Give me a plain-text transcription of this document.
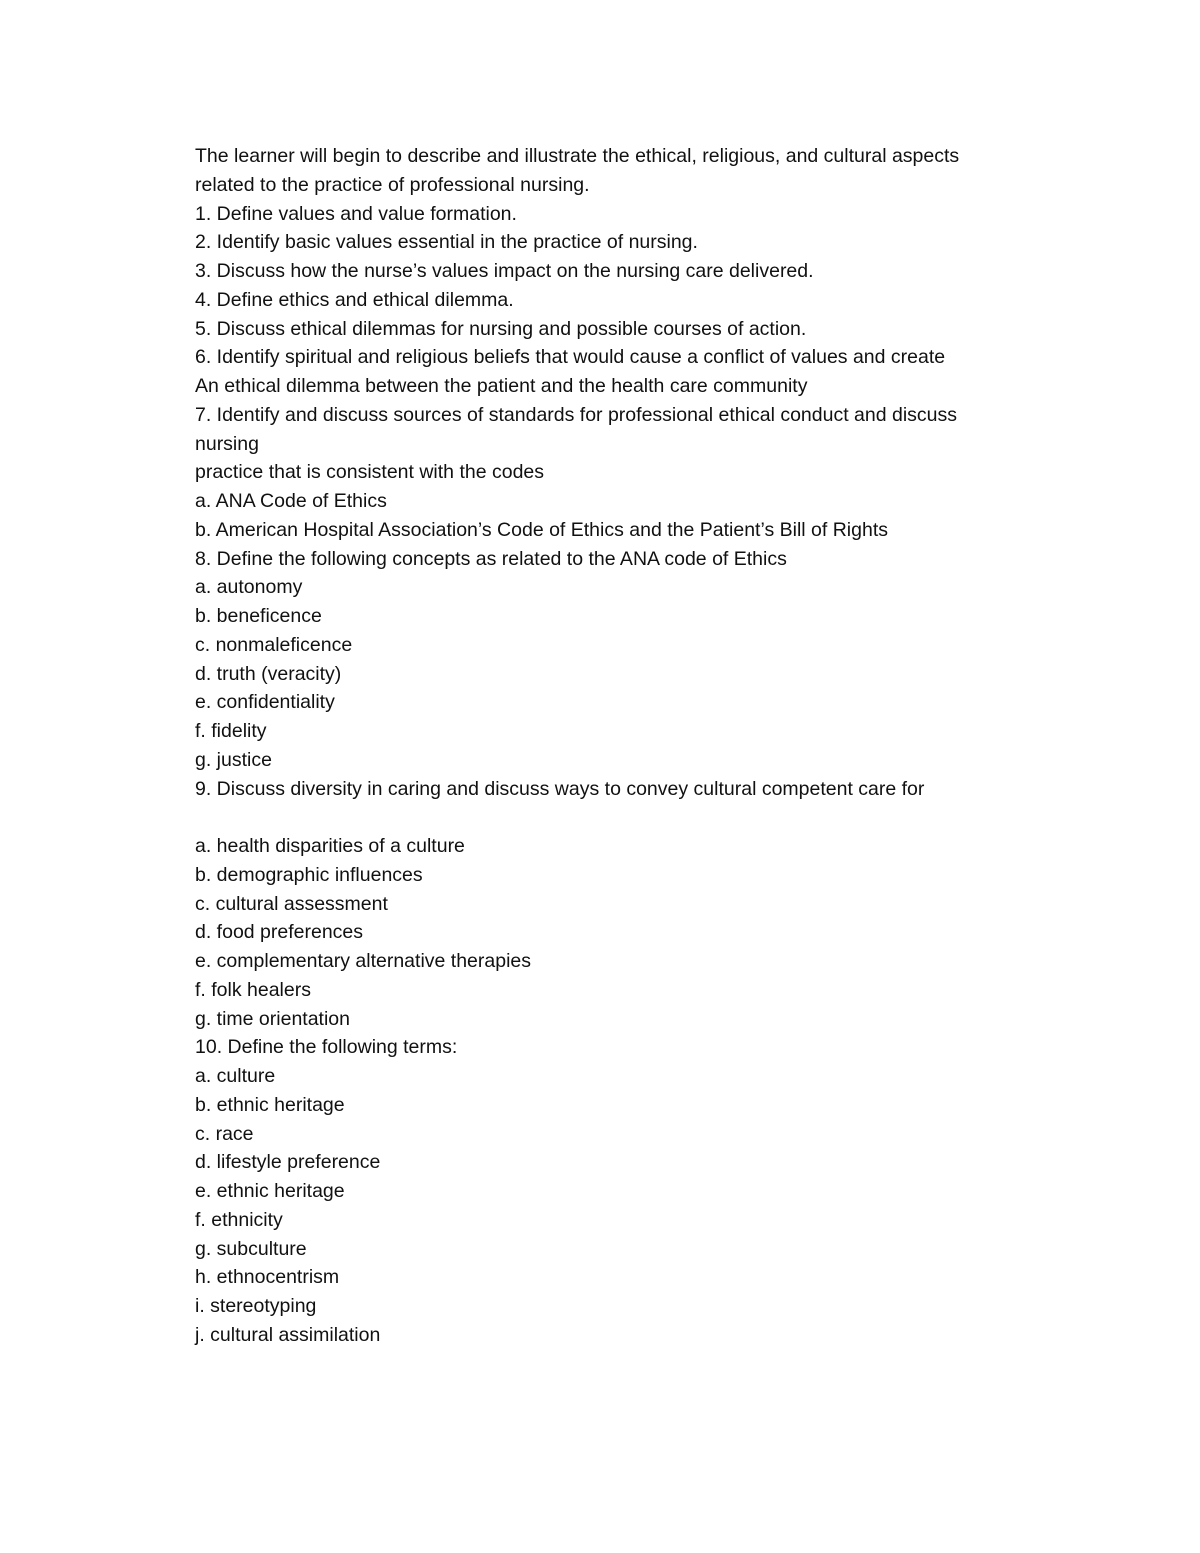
The learner will begin to describe and illustrate the ethical, religious, and cultural aspects
related to the practice of professional nursing.
1. Define values and value formation.
2. Identify basic values essential in the practice of nursing.
3. Discuss how the nurse’s values impact on the nursing care delivered.
4. Define ethics and ethical dilemma.
5. Discuss ethical dilemmas for nursing and possible courses of action.
6. Identify spiritual and religious beliefs that would cause a conflict of values and create
An ethical dilemma between the patient and the health care community
7. Identify and discuss sources of standards for professional ethical conduct and discuss
nursing
practice that is consistent with the codes
a. ANA Code of Ethics
b. American Hospital Association’s Code of Ethics and the Patient’s Bill of Rights
8. Define the following concepts as related to the ANA code of Ethics
a. autonomy
b. beneficence
c. nonmaleficence
d. truth (veracity)
e. confidentiality
f. fidelity
g. justice
9. Discuss diversity in caring and discuss ways to convey cultural competent care for
a. health disparities of a culture
b. demographic influences
c. cultural assessment
d. food preferences
e. complementary alternative therapies
f. folk healers
g. time orientation
10. Define the following terms:
a. culture
b. ethnic heritage
c. race
d. lifestyle preference
e. ethnic heritage
f. ethnicity
g. subculture
h. ethnocentrism
i. stereotyping
j. cultural assimilation
